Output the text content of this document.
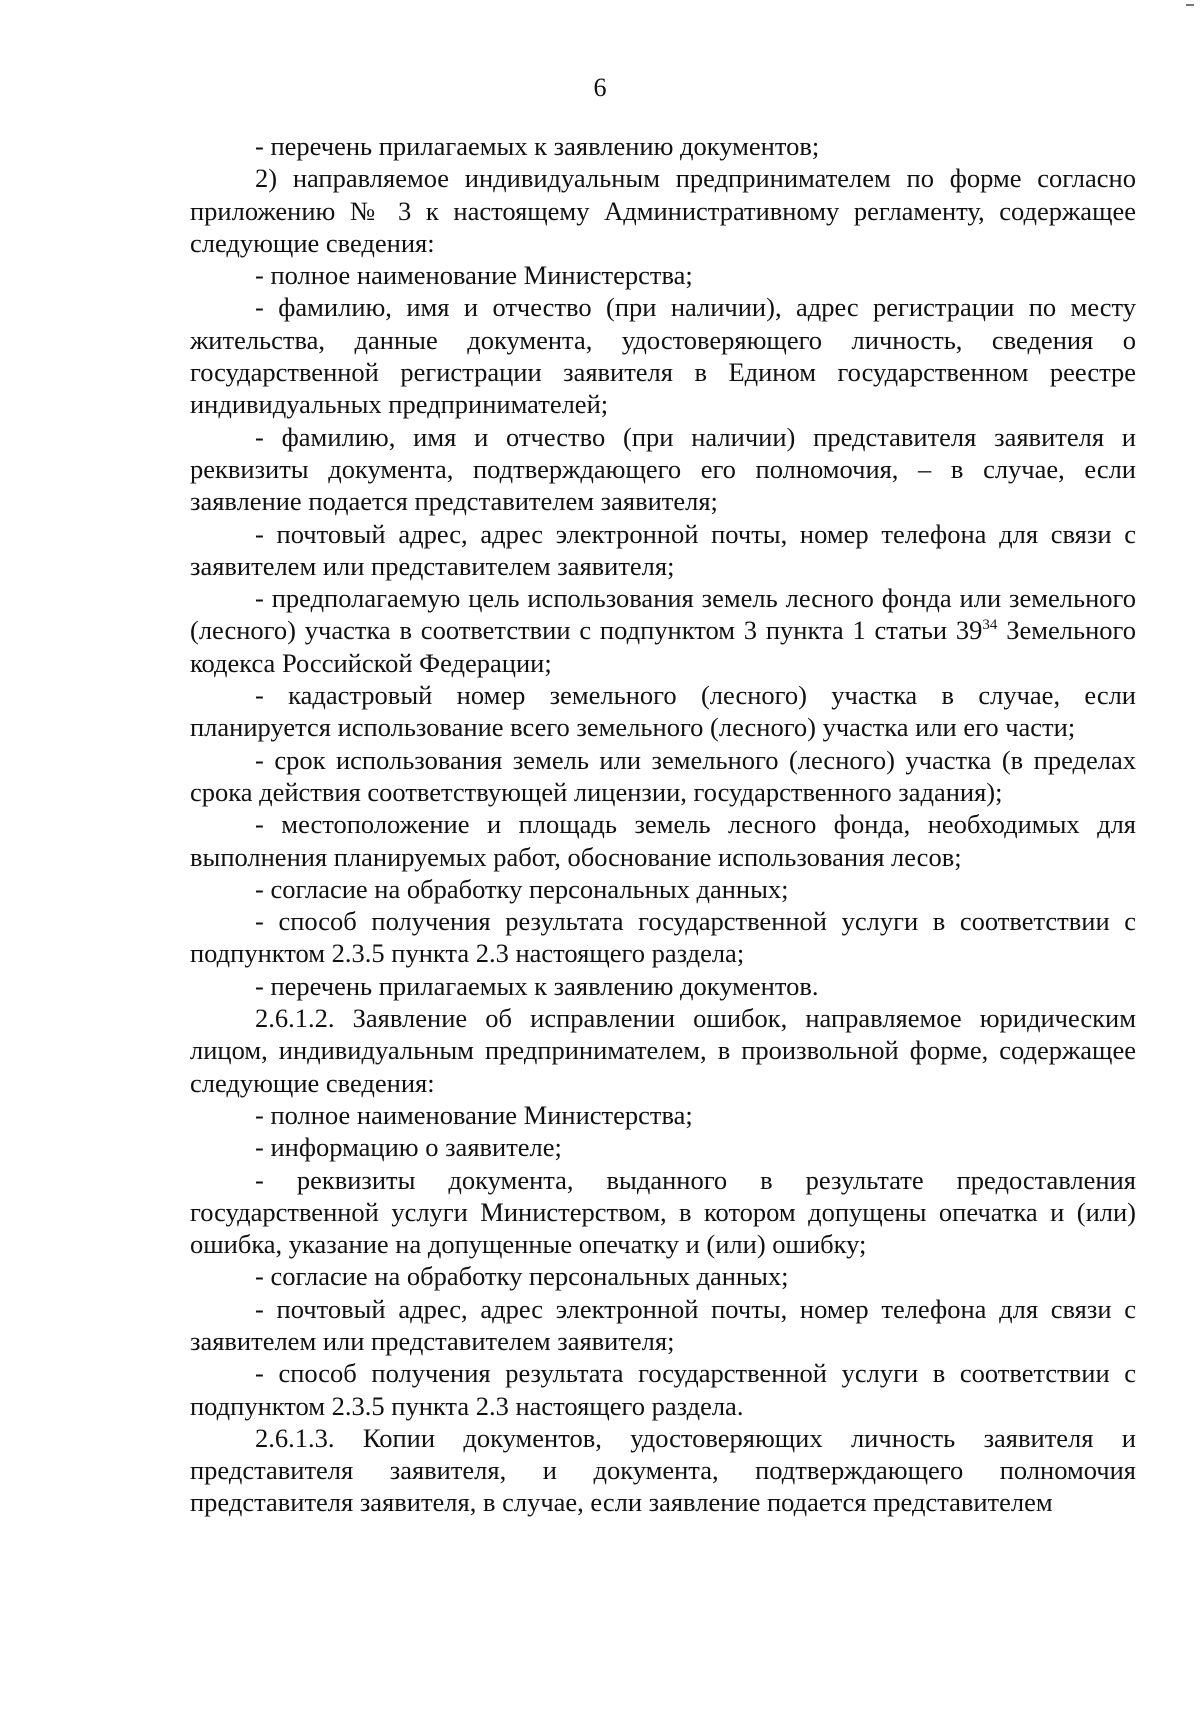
6

- перечень прилагаемых к заявлению документов;

2) направляемое индивидуальным предпринимателем по форме согласно приложению № 3 к настоящему Административному регламенту, содержащее следующие сведения:

- полное наименование Министерства;

- фамилию, имя и отчество (при наличии), адрес регистрации по месту жительства, данные документа, удостоверяющего личность, сведения о государственной регистрации заявителя в Едином государственном реестре индивидуальных предпринимателей;

- фамилию, имя и отчество (при наличии) представителя заявителя и реквизиты документа, подтверждающего его полномочия, – в случае, если заявление подается представителем заявителя;

- почтовый адрес, адрес электронной почты, номер телефона для связи с заявителем или представителем заявителя;

- предполагаемую цель использования земель лесного фонда или земельного (лесного) участка в соответствии с подпунктом 3 пункта 1 статьи $39^{34}$ Земельного кодекса Российской Федерации;

- кадастровый номер земельного (лесного) участка в случае, если планируется использование всего земельного (лесного) участка или его части;

- срок использования земель или земельного (лесного) участка (в пределах срока действия соответствующей лицензии, государственного задания);

- местоположение и площадь земель лесного фонда, необходимых для выполнения планируемых работ, обоснование использования лесов;

- согласие на обработку персональных данных;

- способ получения результата государственной услуги в соответствии с подпунктом 2.3.5 пункта 2.3 настоящего раздела;

- перечень прилагаемых к заявлению документов.

2.6.1.2. Заявление об исправлении ошибок, направляемое юридическим лицом, индивидуальным предпринимателем, в произвольной форме, содержащее следующие сведения:

- полное наименование Министерства;

- информацию о заявителе;

- реквизиты документа, выданного в результате предоставления государственной услуги Министерством, в котором допущены опечатка и (или) ошибка, указание на допущенные опечатку и (или) ошибку;

- согласие на обработку персональных данных;

- почтовый адрес, адрес электронной почты, номер телефона для связи с заявителем или представителем заявителя;

- способ получения результата государственной услуги в соответствии с подпунктом 2.3.5 пункта 2.3 настоящего раздела.

2.6.1.3. Копии документов, удостоверяющих личность заявителя и представителя заявителя, и документа, подтверждающего полномочия представителя заявителя, в случае, если заявление подается представителем
